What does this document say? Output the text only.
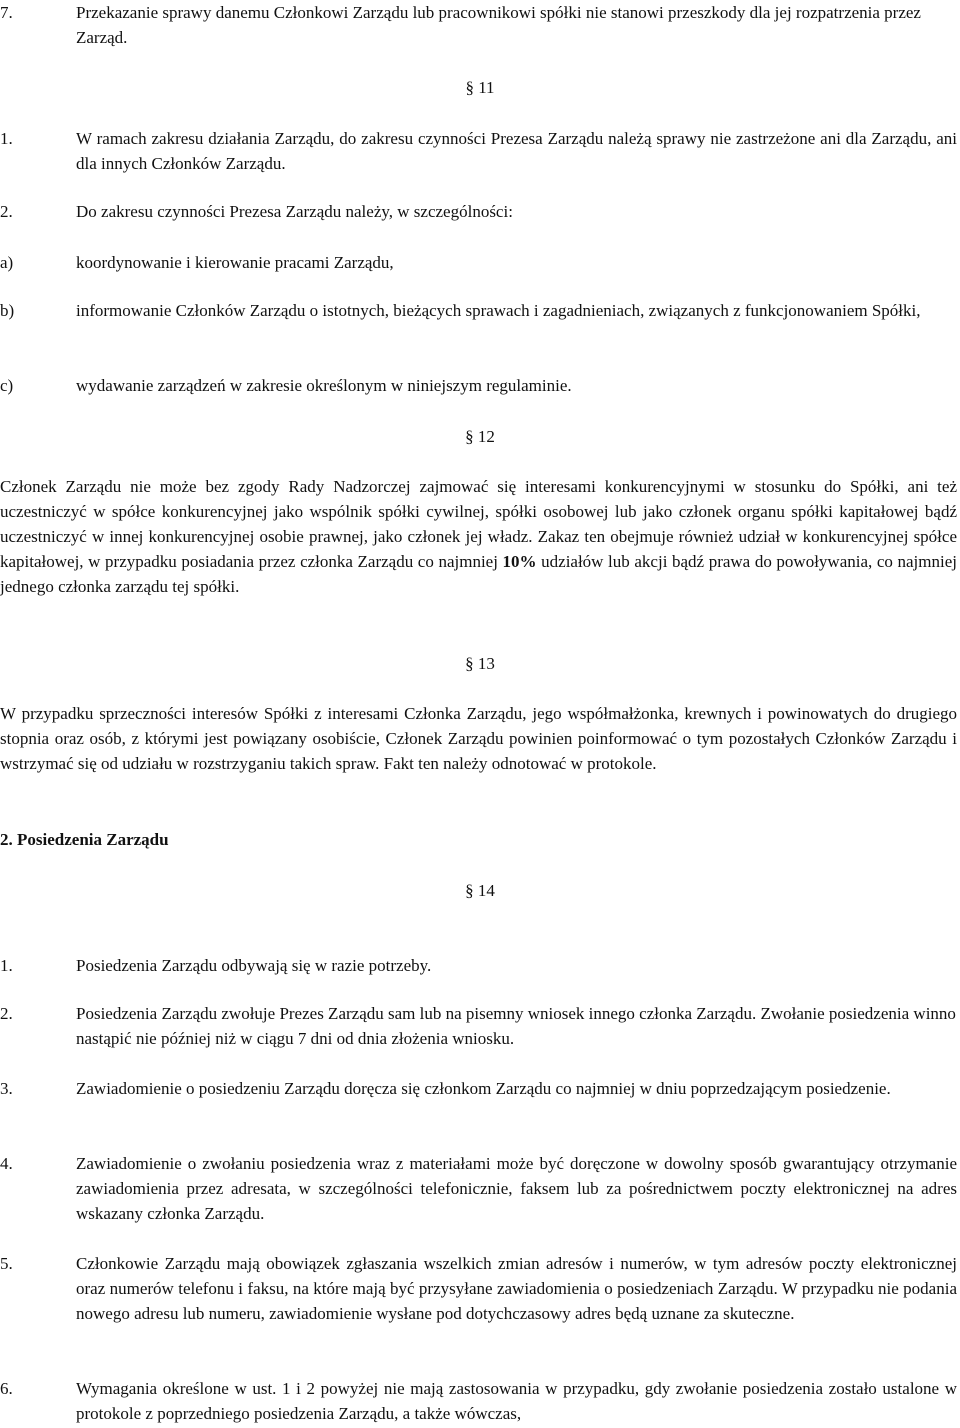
7.	Przekazanie sprawy danemu Członkowi Zarządu lub pracownikowi spółki nie stanowi przeszkody dla jej rozpatrzenia przez Zarząd.
§ 11
1.	W ramach zakresu działania Zarządu, do zakresu czynności Prezesa Zarządu należą sprawy nie zastrzeżone ani dla Zarządu, ani dla innych Członków Zarządu.
2.	Do zakresu czynności Prezesa Zarządu należy, w szczególności:
a)	koordynowanie i kierowanie pracami Zarządu,
b)	informowanie Członków Zarządu o istotnych, bieżących sprawach i zagadnieniach, związanych z funkcjonowaniem Spółki,
c)	wydawanie zarządzeń w zakresie określonym w niniejszym regulaminie.
§ 12
Członek Zarządu nie może bez zgody Rady Nadzorczej zajmować się interesami konkurencyjnymi w stosunku do Spółki, ani też uczestniczyć w spółce konkurencyjnej jako wspólnik spółki cywilnej, spółki osobowej lub jako członek organu spółki kapitałowej bądź uczestniczyć w innej konkurencyjnej osobie prawnej, jako członek jej władz. Zakaz ten obejmuje również udział w konkurencyjnej spółce kapitałowej, w przypadku posiadania przez członka Zarządu co najmniej 10% udziałów lub akcji bądź prawa do powoływania, co najmniej jednego członka zarządu tej spółki.
§ 13
W przypadku sprzeczności interesów Spółki z interesami Członka Zarządu, jego współmałżonka, krewnych i powinowatych do drugiego stopnia oraz osób, z którymi jest powiązany osobiście, Członek Zarządu powinien poinformować o tym pozostałych Członków Zarządu i wstrzymać się od udziału w rozstrzyganiu takich spraw. Fakt ten należy odnotować w protokole.
2. Posiedzenia Zarządu
§ 14
1.	Posiedzenia Zarządu odbywają się w razie potrzeby.
2.	Posiedzenia Zarządu zwołuje Prezes Zarządu sam lub na pisemny wniosek innego członka Zarządu. Zwołanie posiedzenia winno nastąpić nie później niż w ciągu 7 dni od dnia złożenia wniosku.
3.	Zawiadomienie o posiedzeniu Zarządu doręcza się członkom Zarządu co najmniej w dniu poprzedzającym posiedzenie.
4.	Zawiadomienie o zwołaniu posiedzenia wraz z materiałami może być doręczone w dowolny sposób gwarantujący otrzymanie zawiadomienia przez adresata, w szczególności telefonicznie, faksem lub za pośrednictwem poczty elektronicznej na adres wskazany członka Zarządu.
5.	Członkowie Zarządu mają obowiązek zgłaszania wszelkich zmian adresów i numerów, w tym adresów poczty elektronicznej oraz numerów telefonu i faksu, na które mają być przysyłane zawiadomienia o posiedzeniach Zarządu. W przypadku nie podania nowego adresu lub numeru, zawiadomienie wysłane pod dotychczasowy adres będą uznane za skuteczne.
6.	Wymagania określone w ust. 1 i 2 powyżej nie mają zastosowania w przypadku, gdy zwołanie posiedzenia zostało ustalone w protokole z poprzedniego posiedzenia Zarządu, a także wówczas,
